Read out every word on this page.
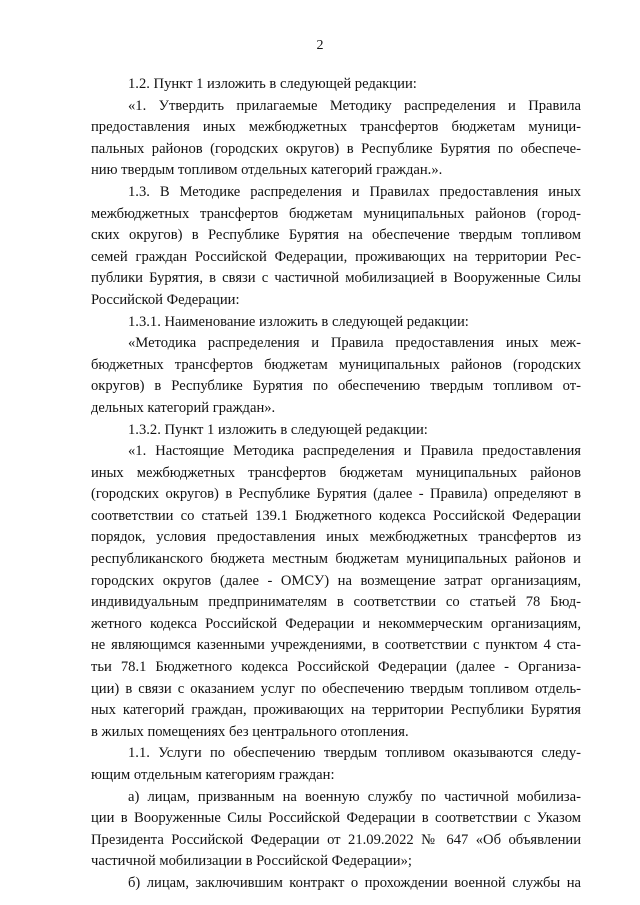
2
1.2. Пункт 1 изложить в следующей редакции:
«1. Утвердить прилагаемые Методику распределения и Правила
предоставления иных межбюджетных трансфертов бюджетам муници-
пальных районов (городских округов) в Республике Бурятия по обеспече-
нию твердым топливом отдельных категорий граждан.».
1.3. В Методике распределения и Правилах предоставления иных
межбюджетных трансфертов бюджетам муниципальных районов (город-
ских округов) в Республике Бурятия на обеспечение твердым топливом
семей граждан Российской Федерации, проживающих на территории Рес-
публики Бурятия, в связи с частичной мобилизацией в Вооруженные Силы
Российской Федерации:
1.3.1. Наименование изложить в следующей редакции:
«Методика распределения и Правила предоставления иных меж-
бюджетных трансфертов бюджетам муниципальных районов (городских
округов) в Республике Бурятия по обеспечению твердым топливом от-
дельных категорий граждан».
1.3.2. Пункт 1 изложить в следующей редакции:
«1. Настоящие Методика распределения и Правила предоставления
иных межбюджетных трансфертов бюджетам муниципальных районов
(городских округов) в Республике Бурятия (далее - Правила) определяют в
соответствии со статьей 139.1 Бюджетного кодекса Российской Федерации
порядок, условия предоставления иных межбюджетных трансфертов из
республиканского бюджета местным бюджетам муниципальных районов и
городских округов (далее - ОМСУ) на возмещение затрат организациям,
индивидуальным предпринимателям в соответствии со статьей 78 Бюд-
жетного кодекса Российской Федерации и некоммерческим организациям,
не являющимся казенными учреждениями, в соответствии с пунктом 4 ста-
тьи 78.1 Бюджетного кодекса Российской Федерации (далее - Организа-
ции) в связи с оказанием услуг по обеспечению твердым топливом отдель-
ных категорий граждан, проживающих на территории Республики Бурятия
в жилых помещениях без центрального отопления.
1.1. Услуги по обеспечению твердым топливом оказываются следу-
ющим отдельным категориям граждан:
а) лицам, призванным на военную службу по частичной мобилиза-
ции в Вооруженные Силы Российской Федерации в соответствии с Указом
Президента Российской Федерации от 21.09.2022 № 647 «Об объявлении
частичной мобилизации в Российской Федерации»;
б) лицам, заключившим контракт о прохождении военной службы на
